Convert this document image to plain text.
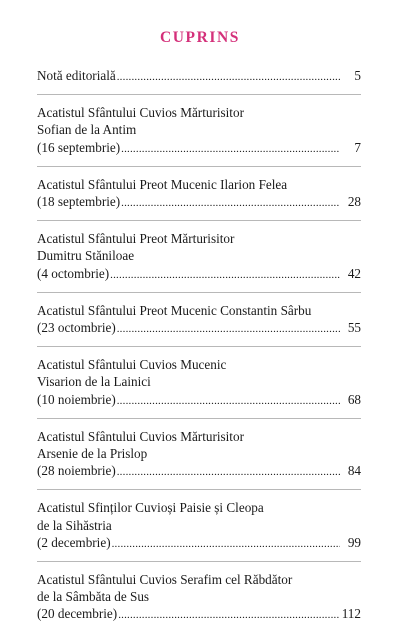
CUPRINS
Notă editorială .....	5
Acatistul Sfântului Cuvios Mărturisitor
Sofian de la Antim
(16 septembrie) .....	7
Acatistul Sfântului Preot Mucenic Ilarion Felea
(18 septembrie) .....	28
Acatistul Sfântului Preot Mărturisitor
Dumitru Stăniloae
(4 octombrie) .....	42
Acatistul Sfântului Preot Mucenic Constantin Sârbu
(23 octombrie) .....	55
Acatistul Sfântului Cuvios Mucenic
Visarion de la Lainici
(10 noiembrie) .....	68
Acatistul Sfântului Cuvios Mărturisitor
Arsenie de la Prislop
(28 noiembrie) .....	84
Acatistul Sfinților Cuvioși Paisie și Cleopa
de la Sihăstria
(2 decembrie) .....	99
Acatistul Sfântului Cuvios Serafim cel Răbdător
de la Sâmbăta de Sus
(20 decembrie) .....	112
